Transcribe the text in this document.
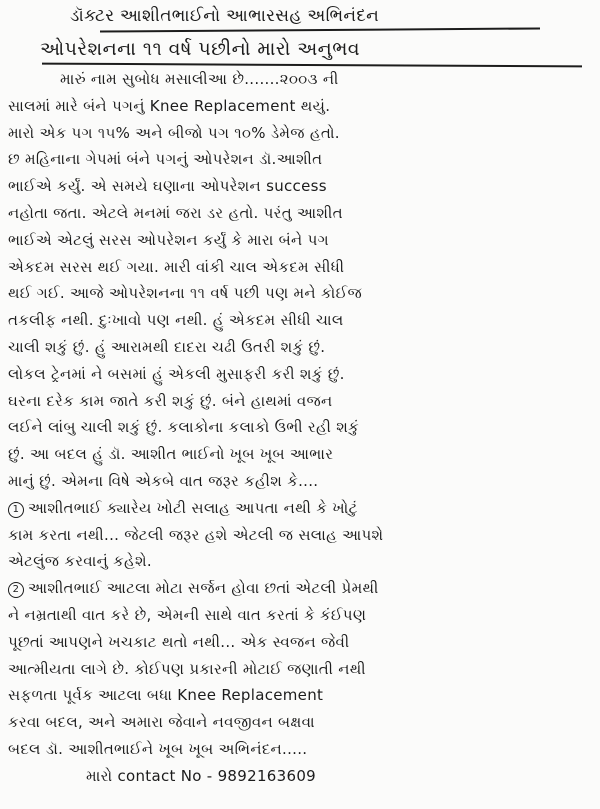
ડૉક્ટર આશીતભાઈનો આભારસહ અભિનંદન
ઓપરેશનના ૧૧ વર્ષ પછીનો મારો અનુભવ
મારું નામ સુબોધ મસાલીઆ છે.......૨૦૦૩ ની
સાલમાં મારે બંને પગનું Knee Replacement થયું.
મારો એક પગ ૧૫% અને બીજો પગ ૧૦% ડેમેજ હતો.
છ મહિનાના ગેપમાં બંને પગનું ઓપરેશન ડૉ.આશીત
ભાઈએ કર્યું. એ સમયે ઘણાના ઓપરેશન success
નહોતા જતા. એટલે મનમાં જરા ડર હતો. પરંતુ આશીત
ભાઈએ એટલું સરસ ઓપરેશન કર્યું કે મારા બંને પગ
એકદમ સરસ થઈ ગયા. મારી વાંકી ચાલ એકદમ સીધી
થઈ ગઈ. આજે ઓપરેશનના ૧૧ વર્ષ પછી પણ મને કોઈજ
તકલીફ નથી. દુઃખાવો પણ નથી. હું એકદમ સીધી ચાલ
ચાલી શકું છું. હું આરામથી દાદરા ચઢી ઉતરી શકું છું.
લોકલ ટ્રેનમાં ને બસમાં હું એકલી મુસાફરી કરી શકું છું.
ઘરના દરેક કામ જાતે કરી શકું છું. બંને હાથમાં વજન
લઈને લાંબુ ચાલી શકું છું. કલાકોના કલાકો ઉભી રહી શકું
છું. આ બદલ હું ડૉ. આશીત ભાઈનો ખૂબ ખૂબ આભાર
માનું છું. એમના વિષે એકબે વાત જરૂર કહીશ કે....
1 આશીતભાઈ ક્યારેય ખોટી સલાહ આપતા નથી કે ખોટું
કામ કરતા નથી... જેટલી જરૂર હશે એટલી જ સલાહ આપશે
એટલુંજ કરવાનું કહેશે.
2 આશીતભાઈ આટલા મોટા સર્જન હોવા છતાં એટલી પ્રેમથી
ને નમ્રતાથી વાત કરે છે, એમની સાથે વાત કરતાં કે કંઈપણ
પૂછતાં આપણને ખચકાટ થતો નથી... એક સ્વજન જેવી
આત્મીયતા લાગે છે. કોઈપણ પ્રકારની મોટાઈ જણાતી નથી
સફળતા પૂર્વક આટલા બધા Knee Replacement
કરવા બદલ, અને અમારા જેવાને નવજીવન બક્ષવા
બદલ ડૉ. આશીતભાઈને ખૂબ ખૂબ અભિનંદન.....
મારો contact No - 9892163609
